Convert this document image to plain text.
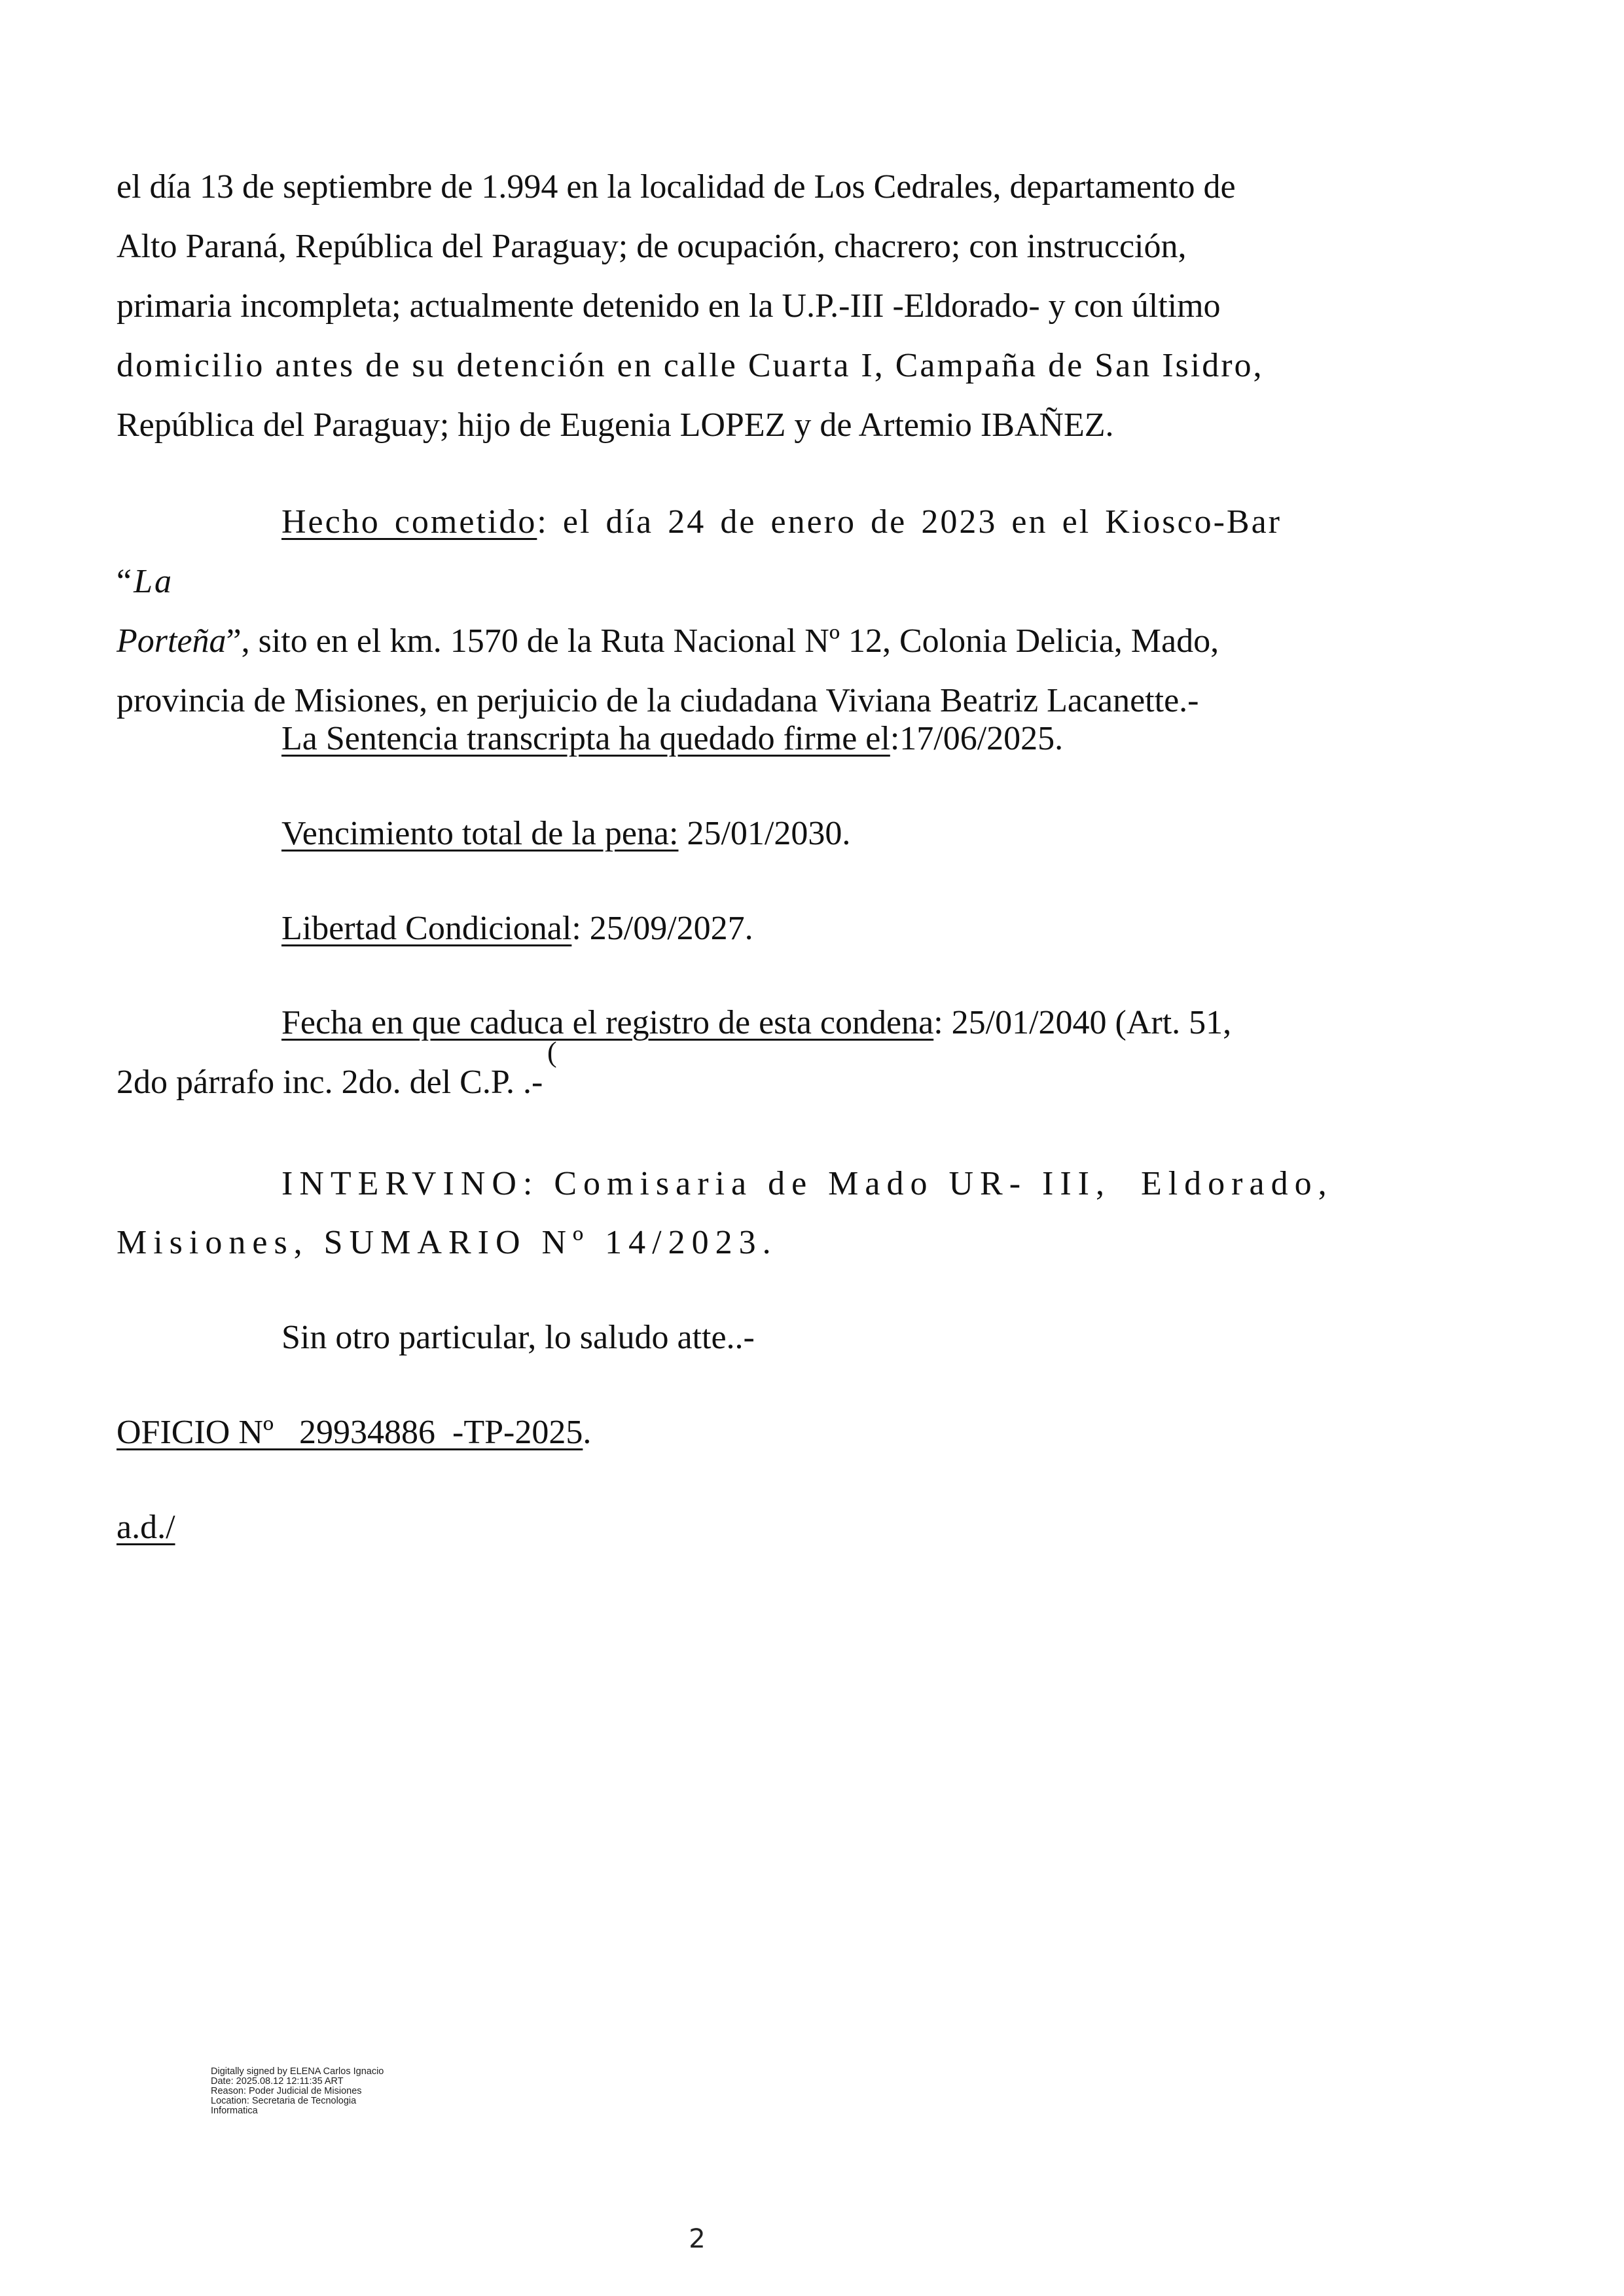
el día 13 de septiembre de 1.994 en la localidad de Los Cedrales, departamento de
Alto Paraná, República del Paraguay; de ocupación, chacrero; con instrucción,
primaria incompleta; actualmente detenido en la U.P.-III -Eldorado- y con último
domicilio antes de su detención en calle Cuarta I, Campaña de San Isidro,
República del Paraguay; hijo de Eugenia LOPEZ y de Artemio IBAÑEZ.
Hecho cometido: el día 24 de enero de 2023 en el Kiosco-Bar “La
Porteña”, sito en el km. 1570 de la Ruta Nacional Nº 12, Colonia Delicia, Mado,
provincia de Misiones, en perjuicio de la ciudadana Viviana Beatriz Lacanette.-

La Sentencia transcripta ha quedado firme el:17/06/2025.

Vencimiento total de la pena: 25/01/2030.

Libertad Condicional: 25/09/2027.

Fecha en que caduca el registro de esta condena: 25/01/2040 (Art. 51,
2do párrafo inc. 2do. del C.P. .-
(

INTERVINO: Comisaria de Mado UR- III,  Eldorado,

Misiones, SUMARIO Nº 14/2023.

Sin otro particular, lo saludo atte..-

OFICIO Nº   29934886  -TP-2025.

a.d./

Digitally signed by ELENA Carlos Ignacio
Date: 2025.08.12 12:11:35 ART
Reason: Poder Judicial de Misiones
Location: Secretaria de Tecnologia
Informatica
2
